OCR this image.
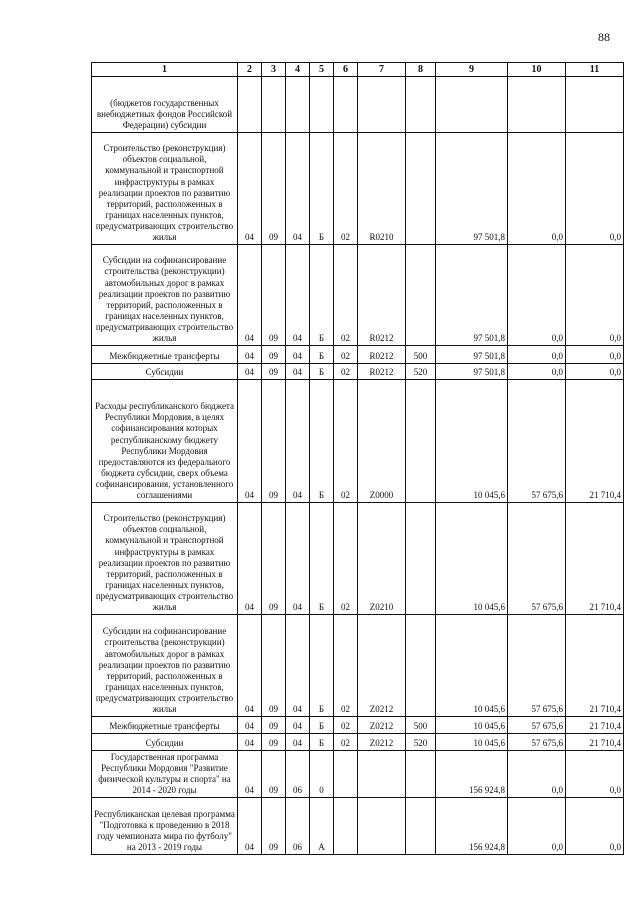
88
1	2	3	4	5	6	7	8	9	10	11
(бюджетов государственных внебюджетных фондов Российской Федерации) субсидии										
Строительство (реконструкция) объектов социальной, коммунальной и транспортной инфраструктуры в рамках реализации проектов по развитию территорий, расположенных в границах населенных пунктов, предусматривающих строительство жилья	04	09	04	Б	02	R0210		97 501,8	0,0	0,0
Субсидии на софинансирование строительства (реконструкции) автомобильных дорог в рамках реализации проектов по развитию территорий, расположенных в границах населенных пунктов, предусматривающих строительство жилья	04	09	04	Б	02	R0212		97 501,8	0,0	0,0
Межбюджетные трансферты	04	09	04	Б	02	R0212	500	97 501,8	0,0	0,0
Субсидии	04	09	04	Б	02	R0212	520	97 501,8	0,0	0,0
Расходы республиканского бюджета Республики Мордовия, в целях софинансирования которых республиканскому бюджету Республики Мордовия предоставляются из федерального бюджета субсидии, сверх объема софинансирования, установленного соглашениями	04	09	04	Б	02	Z0000		10 045,6	57 675,6	21 710,4
Строительство (реконструкция) объектов социальной, коммунальной и транспортной инфраструктуры в рамках реализации проектов по развитию территорий, расположенных в границах населенных пунктов, предусматривающих строительство жилья	04	09	04	Б	02	Z0210		10 045,6	57 675,6	21 710,4
Субсидии на софинансирование строительства (реконструкции) автомобильных дорог в рамках реализации проектов по развитию территорий, расположенных в границах населенных пунктов, предусматривающих строительство жилья	04	09	04	Б	02	Z0212		10 045,6	57 675,6	21 710,4
Межбюджетные трансферты	04	09	04	Б	02	Z0212	500	10 045,6	57 675,6	21 710,4
Субсидии	04	09	04	Б	02	Z0212	520	10 045,6	57 675,6	21 710,4
Государственная программа Республики Мордовия "Развитие физической культуры и спорта" на 2014 - 2020 годы	04	09	06	0				156 924,8	0,0	0,0
Республиканская целевая программа "Подготовка к проведению в 2018 году чемпионата мира по футболу" на 2013 - 2019 годы	04	09	06	А				156 924,8	0,0	0,0
